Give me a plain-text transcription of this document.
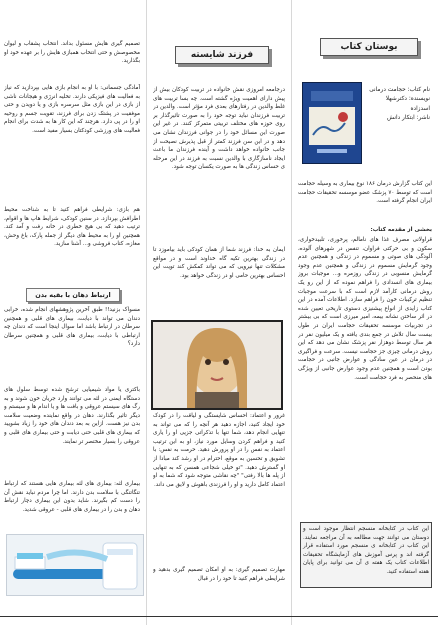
بوستان کتاب
نام کتاب: حجامت درمانی
نویسنده: دکترشهلا اسدزاده
ناشر: ابتکار دانش

این کتاب گزارش درمان ۱۸۶ نوع بیماری به وسیله حجامت است که توسط ۷۰ پزشک عضو موسسه تحقیقات حجامت ایران انجام گرفته است.

بخشی از مقدمه کتاب:

قراولانی مصرف غذا های نامالم، پرخوری، تلبیدخواری، سکون و بی حرکتی فراوان، تنفس در شهرهای آلوده، آلودگی های صوتی و مسموم در زندگی و همچنین عدم وجود گرمایش مسموم در زندگی و همچنین عدم وجود گرمایش منسوبی در زندگی روزمره و... موجبات بروز بیماری های انسدادی را فراهم نموده که از این رو یک روش درمانی کارآمد لازم است که با سرعت موجبات تنظیم ترکیبات خون را فراهم سازد. اطلاعات آمده در این کتاب زایدی از انواع پیشنیزی دستوی تاریخی تعیین شده در اثر ساختن نشانه بیمه، امیر میرزی است که بی بیشتر در تجربیات موسسه تحقیقات حجامت ایران در طول بیست سال تلاش در جمع بندی یافته و یک میلیون نفر در هر سال توسط دوهزار نفر پزشک نشان می دهد که این روش درمانی چیزی جز حجامت نیست. سرعت و فراگیری در درمان در عین سادگی و عوارض جانبی در حجامت بودن است و همچنین عدم وجود عوارض جانبی از ویژگی های منحصر به فرد حجامت است.

این کتاب در کتابخانه منسجم انتظار موجود است و دوستان می توانند جهت مطالعه به آن مراجعه نمایند. این کتاب در کتابخانه ی منسجم مورد استفاده قرار گرفته اند و پرس آموزش های آزمایشگاه تحقیقات اطلاعات کتاب یک هفته ی آن می توانید برای پایان هفته استفاده کنید.

فرزند شایسته

درجامعه امروزی نقش خانواده در تربیت کودکان بیش از پیش دارای اهمیت ویژه گشته است. چه بسا تربیت های غلط والدین در رفتارهای بعدی فرد مؤثر است. والدین در تربیت فرزندان نباید توجه خود را به صورت تاثیرگذار بر روی حوزه های مختلف تربیتی متمرکز کنند. در غیر این صورت این مسائل خود را در جوانی فرزندان نشان می دهد و در این سن فرزند کمتر از قبل پذیرش نصیحت از جانب خانواده خواهد داشت و آینده فرزندان ما باعث ایجاد ناسازگاری با والدین نسبت به فرزند در این مرحله ی حساس زندگی ها به صورت یکسان توجه شود.

ایمان به خدا: فرزند شما از همان کودکی باید بیاموزد تا در زندگی بهترین تکیه گاه خداوند است و در مواقع مشکلات تنها نیرویی که می تواند کمکش کند تویت این احساس بهترین حامی او در زندگی خواهد بود.

غرور و اعتماد: احساس شایستگی و لیاقت را در کودک خود ایجاد کنید، اجازه دهید هر آنچه را که می تواند به تنهایی انجام دهد، شما تنها با تذکراتی جزیی او را یاری کنید و فراهم کردن وسایل مورد نیاز، او به این ترتیب اعتماد به نفس را در او پرورش دهید. حرمت به نفس: با تشویق و تحسین به موقع، احترام در او رشد کند مبادا از او گسترش دهید. "تو خیلی شجاعی همسن که به تنهایی از پله ها بالا رفتی" "چه نقاشی متوجه شود که شما به او اعتماد کامل دارید و او را فرزندی باهوش و لایق می داند.

مهارت تصمیم گیری: به او امکان تصمیم گیری بدهید و شرایطی فراهم کنید تا خود را در قبال

تصمیم گیری هایش مسئول بداند. انتخاب پشقاب و لیوان مخصوصش و حتی انتخاب همبازی هایش را بر عهده خود او بگذارید.

آمادگی جسمانی: با او به انجام بازی هایی بپردازید که نیاز به فعالیت های فیزیکی دارند. تخلیه انرژی و هیجانات ناشی از بازی در این بازی مثل سرسره بازی و یا دویدن و حتی موفقیت در پشتک زدن برای فرزند، تقویت جسم و روحیه او را در پی دارد. هرچند که این کار ها به شدت برای انجام فعالیت های ورزشی کودکتان بسیار مفید است.

هم بازی: شرایطی فراهم کنید تا به شناخت محیط اطرافش بپردازد. در سنین کودکی، شرایط هاپ ها و اقوام، ترتیب دهید که بی هیچ خطری در خانه رفت و آمد کند. همچنین او را به محیط های دیگر از جمله پارک، باغ وحش، مغازه، کتاب فروشی و... آشنا سازید.

ارتباط دهان با بقیه بدن

مسواک بزنید!! طبق آخرین پژوهشهای انجام شده، خرابی دندان می تواند با دیابت، بیماری های قلبی و همچنین سرطان در ارتباط باشد اما سوال اینجا است که دندان چه ارتباطی با دیابت، بیماری های قلبی و همچنین سرطان دارد؟

باکتری یا مواد شیمیایی ترشح شده توسط سلول های دستگاه ایمنی در لثه می توانند وارد جریان خون شوند و به رگ های سیستم عروقی و بافت ها و یا اندام ها و سیستم و دیگر تاثیر بگذارند. دهان در واقع نماینده وضعیت سلامت بدن نیز هست. ازاین به بعد دندان های خود را زیاد بشویید که بیماری های قلبی حتی دیابت و حتی بیماری های قلبی و عروقی را بسیار مختصر تر نمایند.

بیماری لثه: بیماری های لثه بیماری هایی هستند که ارتباط تنگاتنگی با سلامت بدن دارند. اما چرا مردم نباید نقش آن را دست کم بگیرند. شاید بدون این بیماری دچار ارتباط دهان و بدن را در بیماری های قلبی - عروقی شدید.
